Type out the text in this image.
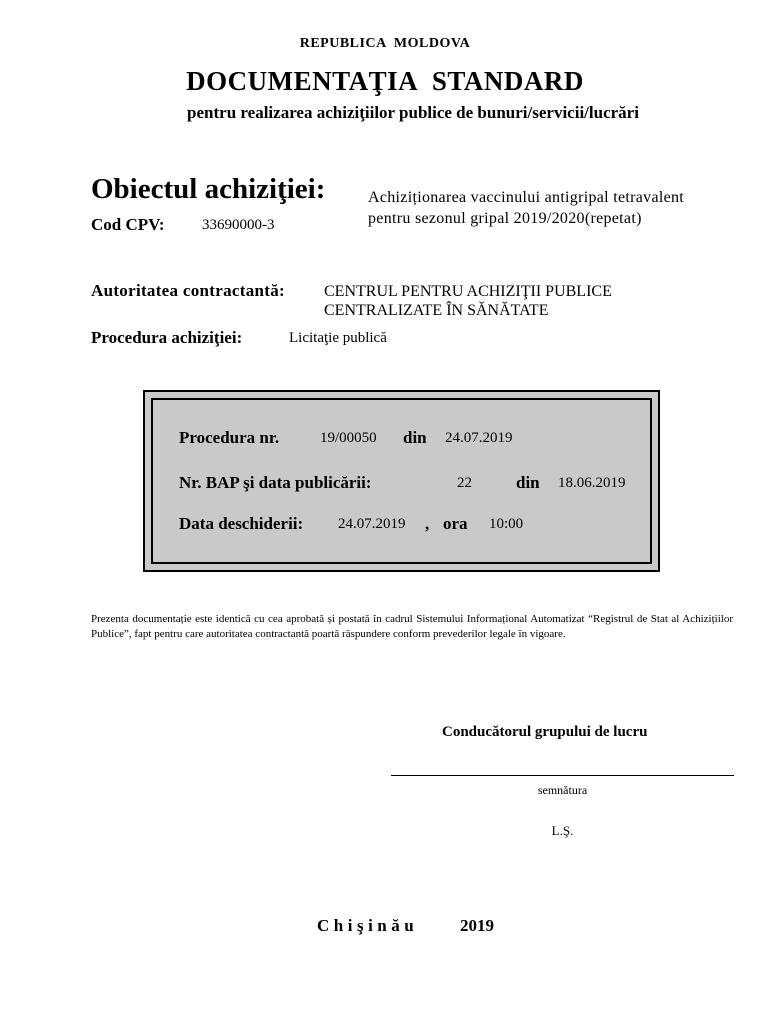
REPUBLICA MOLDOVA
DOCUMENTAŢIA STANDARD
pentru realizarea achiziţiilor publice de bunuri/servicii/lucrări
Obiectul achiziţiei:	Achiziționarea vaccinului antigripal tetravalent
pentru sezonul gripal 2019/2020(repetat)
Cod CPV: 33690000-3
Autoritatea contractantă: CENTRUL PENTRU ACHIZIŢII PUBLICE
CENTRALIZATE ÎN SĂNĂTATE
Procedura achiziţiei:	Licitaţie publică
Procedura nr.	19/00050 din 24.07.2019
Nr. BAP şi data publicării:	22	din 18.06.2019
Data deschiderii: 24.07.2019 , ora 10:00
Prezenta documentație este identică cu cea aprobată și postată în cadrul Sistemului Informațional Automatizat “Registrul de Stat al Achizițiilor Publice”, fapt pentru care autoritatea contractantă poartă răspundere conform prevederilor legale în vigoare.
Conducătorul grupului de lucru
semnătura
L.Ş.
Chişinău 2019
